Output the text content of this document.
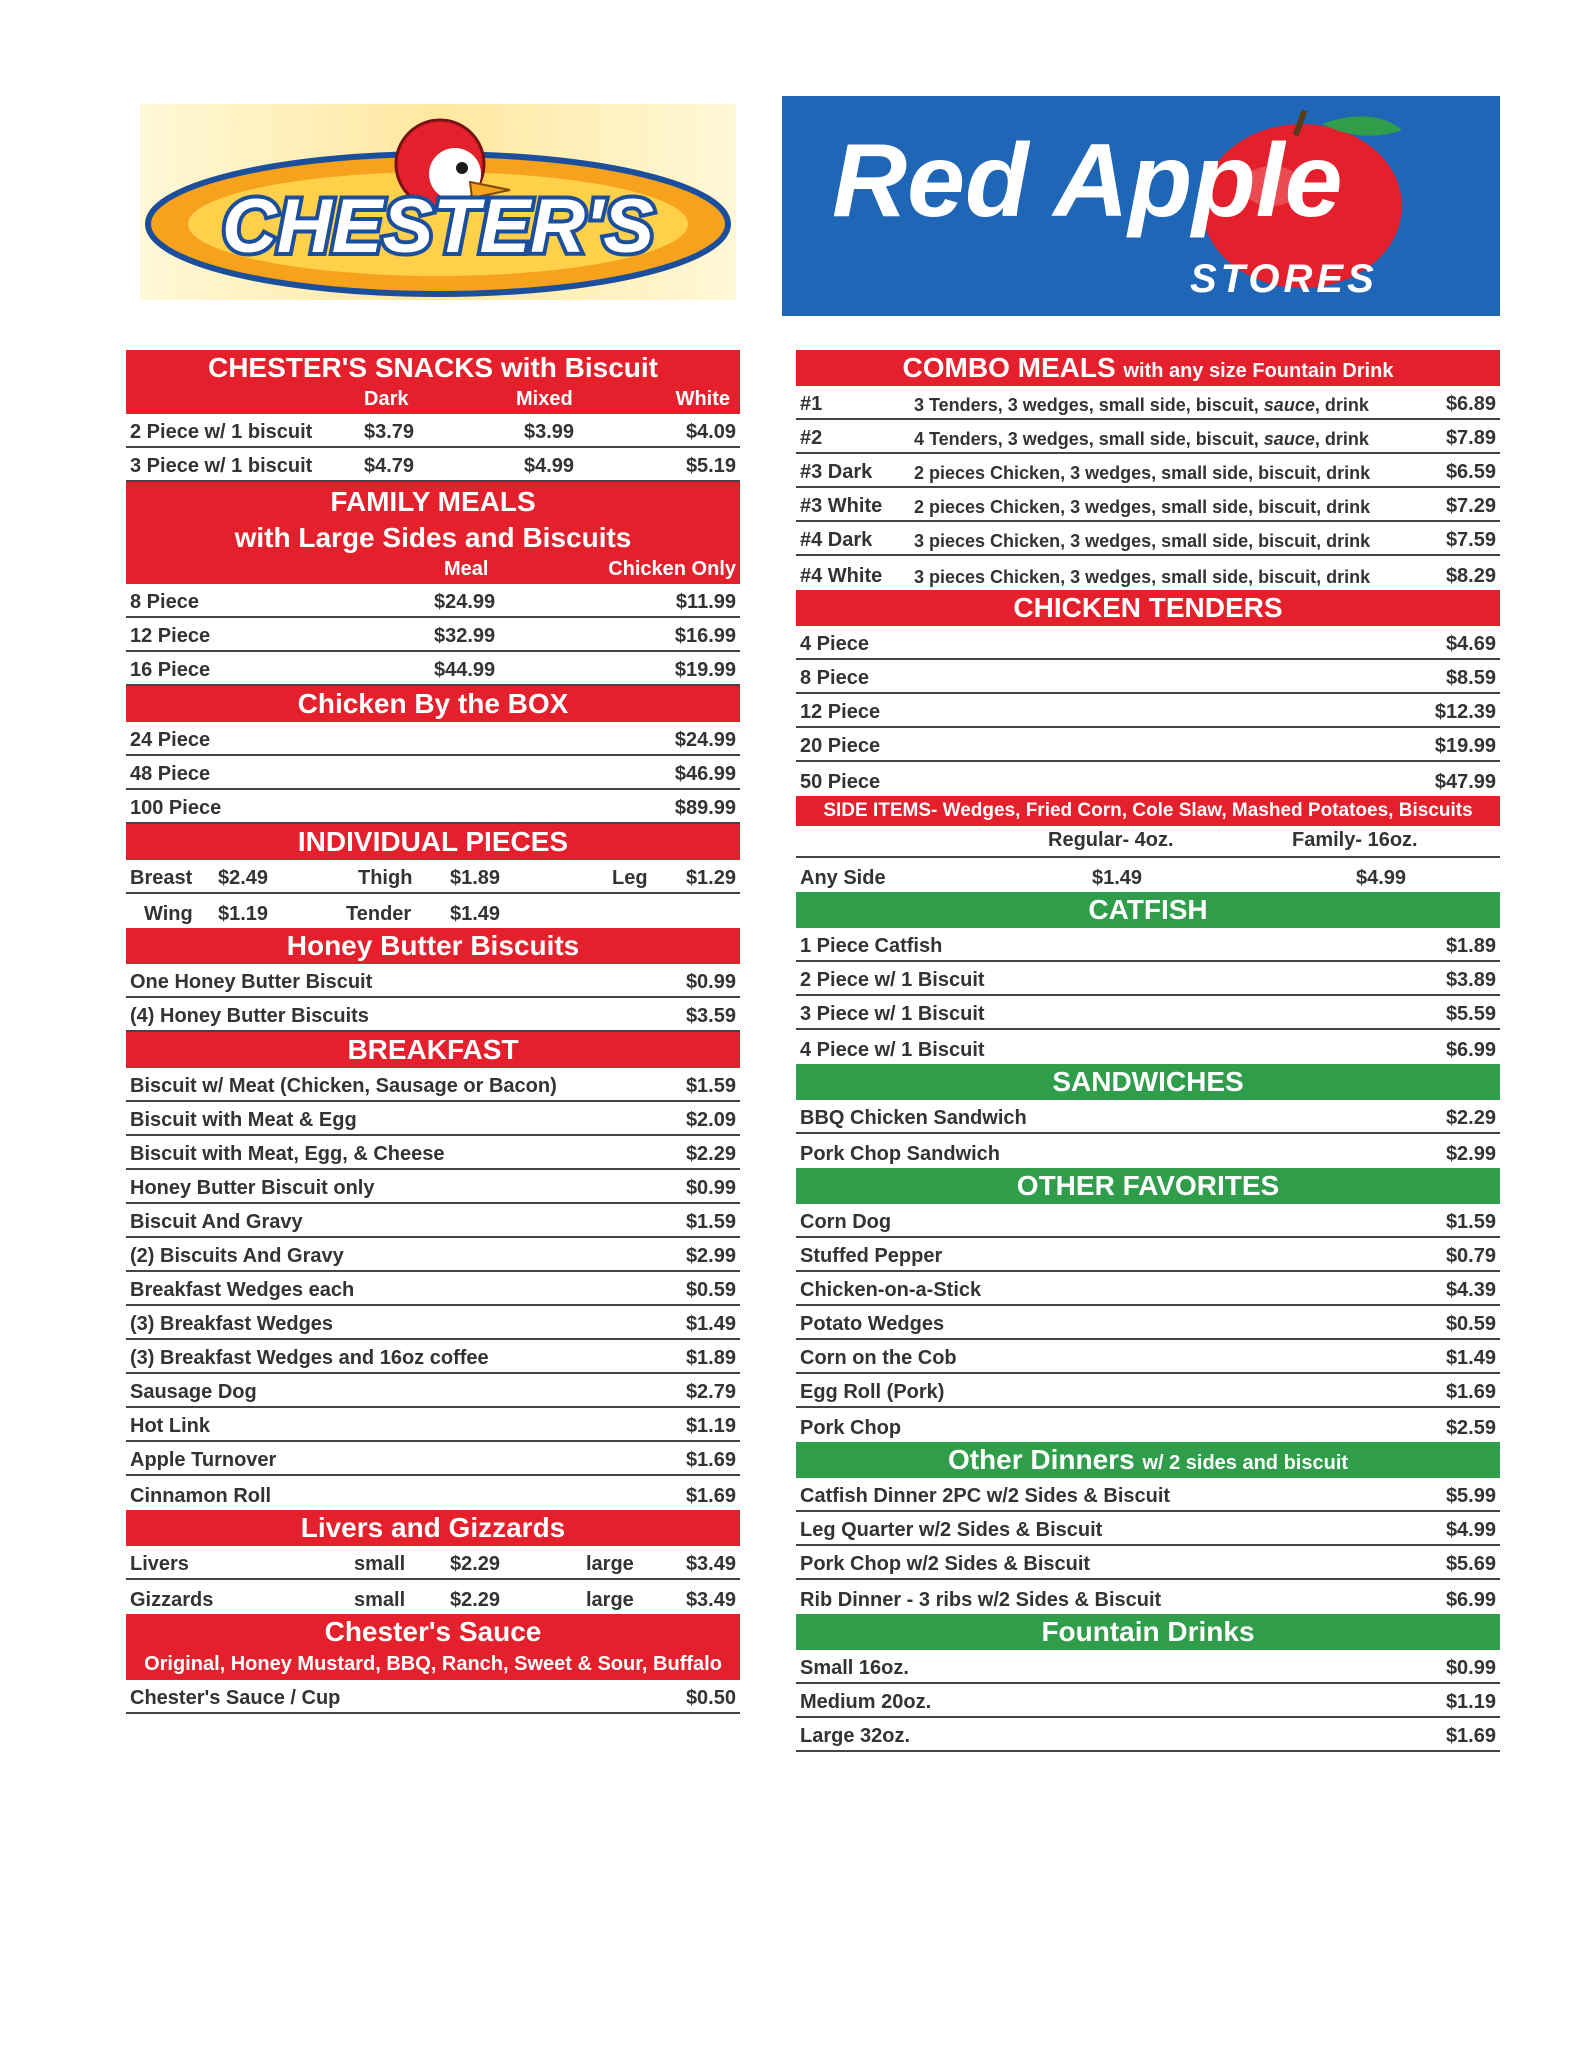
CHESTER'S Red Apple
STORES
CHESTER'S SNACKS with Biscuit
Dark	Mixed	White
2 Piece w/ 1 biscuit	$3.79	$3.99	$4.09
3 Piece w/ 1 biscuit	$4.79	$4.99	$5.19
FAMILY MEALS
with Large Sides and Biscuits
Meal	Chicken Only
8 Piece	$24.99	$11.99
12 Piece	$32.99	$16.99
16 Piece	$44.99	$19.99
Chicken By the BOX
24 Piece	$24.99
48 Piece	$46.99
100 Piece	$89.99
INDIVIDUAL PIECES
Breast $2.49	Thigh $1.89	Leg $1.29
Wing $1.19	Tender $1.49
Honey Butter Biscuits
One Honey Butter Biscuit	$0.99
(4) Honey Butter Biscuits	$3.59
BREAKFAST
Biscuit w/ Meat (Chicken, Sausage or Bacon)	$1.59
Biscuit with Meat & Egg	$2.09
Biscuit with Meat, Egg, & Cheese	$2.29
Honey Butter Biscuit only	$0.99
Biscuit And Gravy	$1.59
(2) Biscuits And Gravy	$2.99
Breakfast Wedges each	$0.59
(3) Breakfast Wedges	$1.49
(3) Breakfast Wedges and 16oz coffee	$1.89
Sausage Dog	$2.79
Hot Link	$1.19
Apple Turnover	$1.69
Cinnamon Roll	$1.69
Livers and Gizzards
Livers	small $2.29	large	$3.49
Gizzards	small $2.29	large	$3.49
Chester's Sauce
Original, Honey Mustard, BBQ, Ranch, Sweet & Sour, Buffalo
Chester's Sauce / Cup	$0.50
COMBO MEALS with any size Fountain Drink
#1	3 Tenders, 3 wedges, small side, biscuit, sauce, drink	$6.89
#2	4 Tenders, 3 wedges, small side, biscuit, sauce, drink	$7.89
#3 Dark 2 pieces Chicken, 3 wedges, small side, biscuit, drink	$6.59
#3 White 2 pieces Chicken, 3 wedges, small side, biscuit, drink	$7.29
#4 Dark 3 pieces Chicken, 3 wedges, small side, biscuit, drink	$7.59
#4 White 3 pieces Chicken, 3 wedges, small side, biscuit, drink	$8.29
CHICKEN TENDERS
4 Piece	$4.69
8 Piece	$8.59
12 Piece	$12.39
20 Piece	$19.99
50 Piece	$47.99
SIDE ITEMS- Wedges, Fried Corn, Cole Slaw, Mashed Potatoes, Biscuits
Regular- 4oz.	Family- 16oz.
Any Side	$1.49	$4.99
CATFISH
1 Piece Catfish	$1.89
2 Piece w/ 1 Biscuit	$3.89
3 Piece w/ 1 Biscuit	$5.59
4 Piece w/ 1 Biscuit	$6.99
SANDWICHES
BBQ Chicken Sandwich	$2.29
Pork Chop Sandwich	$2.99
OTHER FAVORITES
Corn Dog	$1.59
Stuffed Pepper	$0.79
Chicken-on-a-Stick	$4.39
Potato Wedges	$0.59
Corn on the Cob	$1.49
Egg Roll (Pork)	$1.69
Pork Chop	$2.59
Other Dinners w/ 2 sides and biscuit
Catfish Dinner 2PC w/2 Sides & Biscuit	$5.99
Leg Quarter w/2 Sides & Biscuit	$4.99
Pork Chop w/2 Sides & Biscuit	$5.69
Rib Dinner - 3 ribs w/2 Sides & Biscuit	$6.99
Fountain Drinks
Small 16oz.	$0.99
Medium 20oz.	$1.19
Large 32oz.	$1.69
